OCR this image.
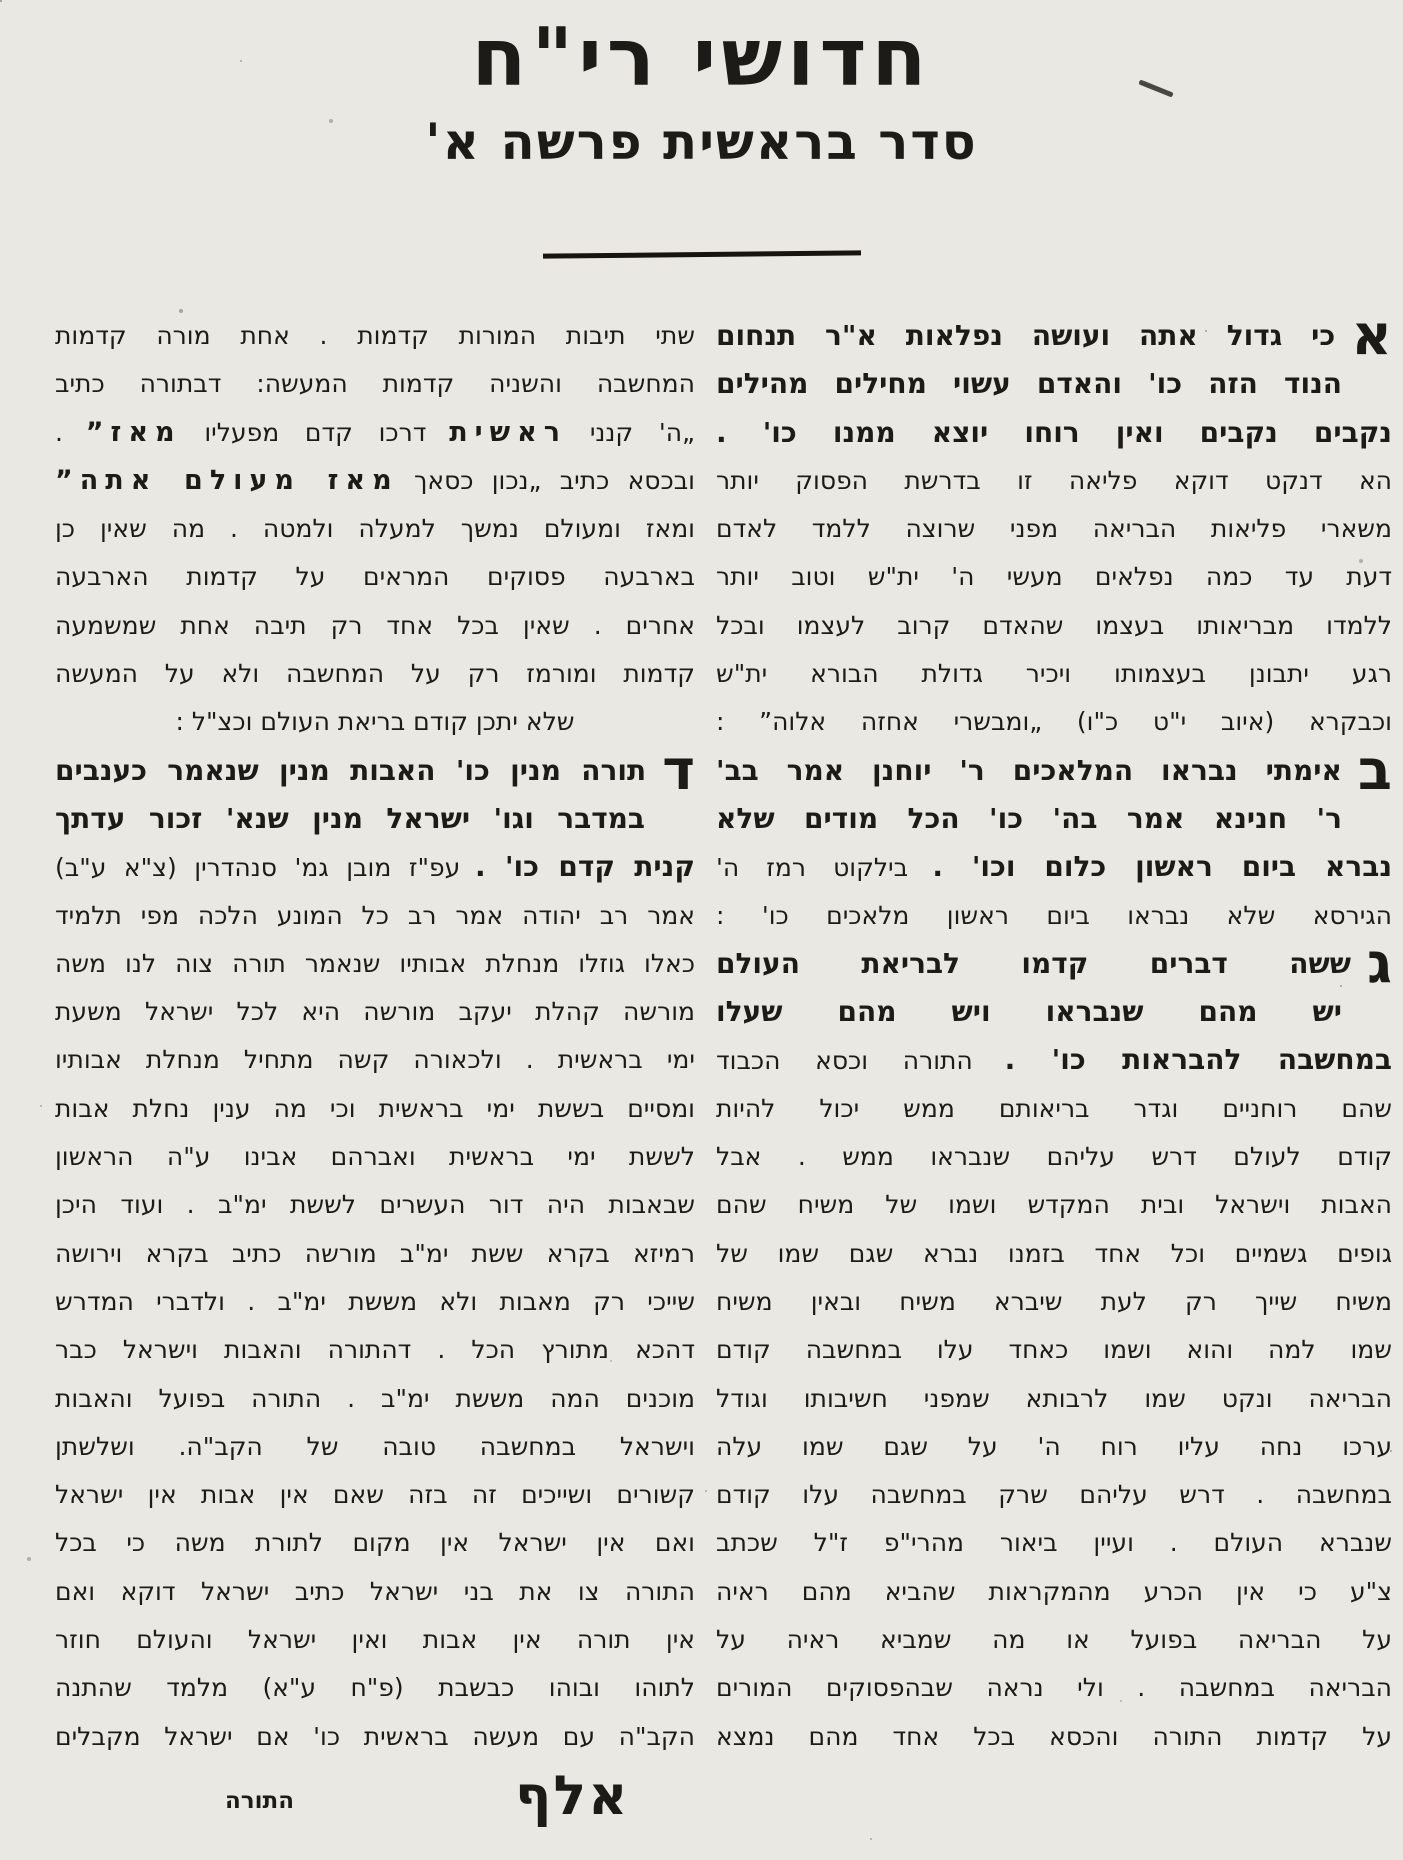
חדושי רי"ח
סדר בראשית פרשה א'
אכי גדול אתה ועושה נפלאות א"ר תנחום
הנוד הזה כו' והאדם עשוי מחילים מהילים
נקבים נקבים ואין רוחו יוצא ממנו כו' .
הא דנקט דוקא פליאה זו בדרשת הפסוק יותר
משארי פליאות הבריאה מפני שרוצה ללמד לאדם
דעת עד כמה נפלאים מעשי ה' ית"ש וטוב יותר
ללמדו מבריאותו בעצמו שהאדם קרוב לעצמו ובכל
רגע יתבונן בעצמותו ויכיר גדולת הבורא ית"ש
וכבקרא (איוב י"ט כ"ו) „ומבשרי אחזה אלוה” :
באימתי נבראו המלאכים ר' יוחנן אמר בב'
ר' חנינא אמר בה' כו' הכל מודים שלא
נברא ביום ראשון כלום וכו' . בילקוט רמז ה'
הגירסא שלא נבראו ביום ראשון מלאכים כו' :
גששה דברים קדמו לבריאת העולם
יש מהם שנבראו ויש מהם שעלו
במחשבה להבראות כו' . התורה וכסא הכבוד
שהם רוחניים וגדר בריאותם ממש יכול להיות
קודם לעולם דרש עליהם שנבראו ממש . אבל
האבות וישראל ובית המקדש ושמו של משיח שהם
גופים גשמיים וכל אחד בזמנו נברא שגם שמו של
משיח שייך רק לעת שיברא משיח ובאין משיח
שמו למה והוא ושמו כאחד עלו במחשבה קודם
הבריאה ונקט שמו לרבותא שמפני חשיבותו וגודל
ערכו נחה עליו רוח ה' על שגם שמו עלה
במחשבה . דרש עליהם שרק במחשבה עלו קודם
שנברא העולם . ועיין ביאור מהרי"פ ז"ל שכתב
צ"ע כי אין הכרע מהמקראות שהביא מהם ראיה
על הבריאה בפועל או מה שמביא ראיה על
הבריאה במחשבה . ולי נראה שבהפסוקים המורים
על קדמות התורה והכסא בכל אחד מהם נמצא
שתי תיבות המורות קדמות . אחת מורה קדמות
המחשבה והשניה קדמות המעשה: דבתורה כתיב
„ה' קנני ראשית דרכו קדם מפעליו מאז” .
ובכסא כתיב „נכון כסאך מאז מעולם אתה”
ומאז ומעולם נמשך למעלה ולמטה . מה שאין כן
בארבעה פסוקים המראים על קדמות הארבעה
אחרים . שאין בכל אחד רק תיבה אחת שמשמעה
קדמות ומורמז רק על המחשבה ולא על המעשה
שלא יתכן קודם בריאת העולם וכצ"ל :
דתורה מנין כו' האבות מנין שנאמר כענבים
במדבר וגו' ישראל מנין שנא' זכור עדתך
קנית קדם כו' . עפ"ז מובן גמ' סנהדרין (צ"א ע"ב)
אמר רב יהודה אמר רב כל המונע הלכה מפי תלמיד
כאלו גוזלו מנחלת אבותיו שנאמר תורה צוה לנו משה
מורשה קהלת יעקב מורשה היא לכל ישראל משעת
ימי בראשית . ולכאורה קשה מתחיל מנחלת אבותיו
ומסיים בששת ימי בראשית וכי מה ענין נחלת אבות
לששת ימי בראשית ואברהם אבינו ע"ה הראשון
שבאבות היה דור העשרים לששת ימ"ב . ועוד היכן
רמיזא בקרא ששת ימ"ב מורשה כתיב בקרא וירושה
שייכי רק מאבות ולא מששת ימ"ב . ולדברי המדרש
דהכא מתורץ הכל . דהתורה והאבות וישראל כבר
מוכנים המה מששת ימ"ב . התורה בפועל והאבות
וישראל במחשבה טובה של הקב"ה. ושלשתן
קשורים ושייכים זה בזה שאם אין אבות אין ישראל
ואם אין ישראל אין מקום לתורת משה כי בכל
התורה צו את בני ישראל כתיב ישראל דוקא ואם
אין תורה אין אבות ואין ישראל והעולם חוזר
לתוהו ובוהו כבשבת (פ"ח ע"א) מלמד שהתנה
הקב"ה עם מעשה בראשית כו' אם ישראל מקבלים
אלף
התורה
